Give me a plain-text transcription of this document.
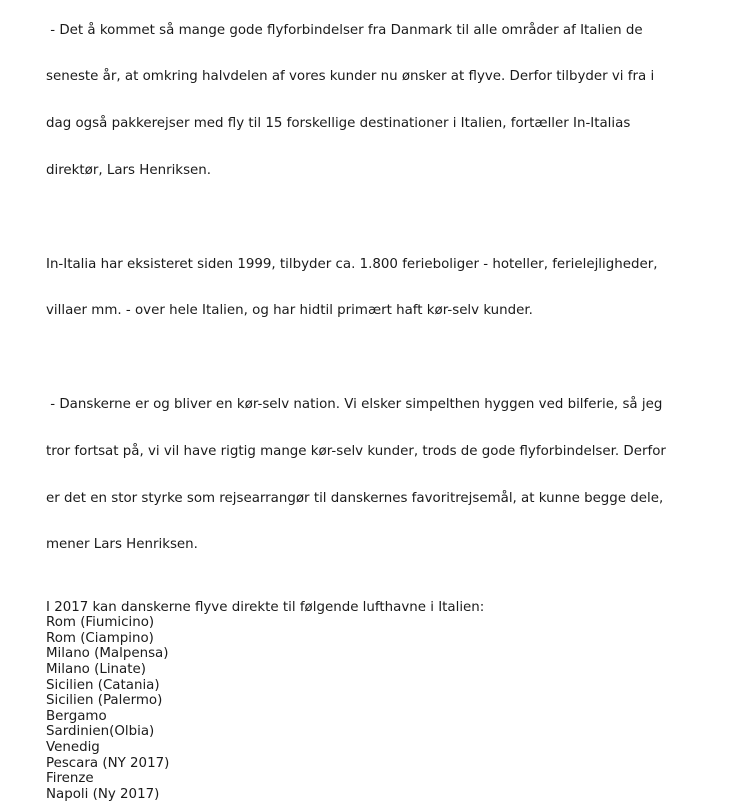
- Det å kommet så mange gode flyforbindelser fra Danmark til alle områder af Italien de

seneste år, at omkring halvdelen af vores kunder nu ønsker at flyve. Derfor tilbyder vi fra i

dag også pakkerejser med fly til 15 forskellige destinationer i Italien, fortæller In-Italias

direktør, Lars Henriksen.

In-Italia har eksisteret siden 1999, tilbyder ca. 1.800 ferieboliger - hoteller, ferielejligheder,

villaer mm. - over hele Italien, og har hidtil primært haft kør-selv kunder.

- Danskerne er og bliver en kør-selv nation. Vi elsker simpelthen hyggen ved bilferie, så jeg

tror fortsat på, vi vil have rigtig mange kør-selv kunder, trods de gode flyforbindelser. Derfor

er det en stor styrke som rejsearrangør til danskernes favoritrejsemål, at kunne begge dele,

mener Lars Henriksen.

I 2017 kan danskerne flyve direkte til følgende lufthavne i Italien:
Rom (Fiumicino)
Rom (Ciampino)
Milano (Malpensa)
Milano (Linate)
Sicilien (Catania)
Sicilien (Palermo)
Bergamo
Sardinien(Olbia)
Venedig
Pescara (NY 2017)
Firenze
Napoli (Ny 2017)
